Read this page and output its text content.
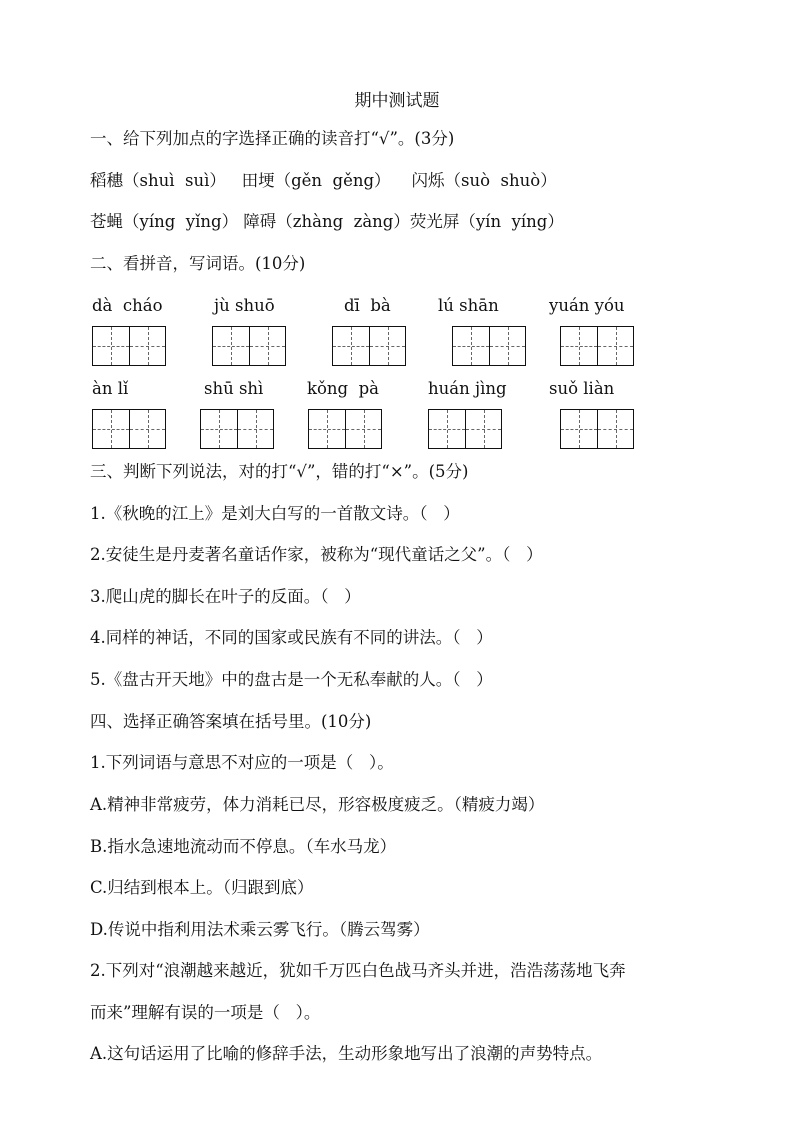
期中测试题
一、给下列加点的字选择正确的读音打“√”。(3分)
稻穗（shuì  suì）   田埂（gěn  gěng）    闪烁（suò  shuò）
苍蝇（yíng  yǐng） 障碍（zhàng  zàng）荧光屏（yín  yíng）
二、看拼音，写词语。(10分)
dà  cháo	jù shuō	dī  bà	lú shān	yuán yóu
àn lǐ	shū shì	kǒng  pà	huán jìng	suǒ liàn
三、判断下列说法，对的打“√”，错的打“×”。(5分)
1.《秋晚的江上》是刘大白写的一首散文诗。（   ）
2.安徒生是丹麦著名童话作家，被称为“现代童话之父”。（   ）
3.爬山虎的脚长在叶子的反面。（   ）
4.同样的神话，不同的国家或民族有不同的讲法。（   ）
5.《盘古开天地》中的盘古是一个无私奉献的人。（   ）
四、选择正确答案填在括号里。(10分)
1.下列词语与意思不对应的一项是（   ）。
A.精神非常疲劳，体力消耗已尽，形容极度疲乏。（精疲力竭）
B.指水急速地流动而不停息。（车水马龙）
C.归结到根本上。（归跟到底）
D.传说中指利用法术乘云雾飞行。（腾云驾雾）
2.下列对“浪潮越来越近，犹如千万匹白色战马齐头并进，浩浩荡荡地飞奔
而来”理解有误的一项是（   ）。
A.这句话运用了比喻的修辞手法，生动形象地写出了浪潮的声势特点。
